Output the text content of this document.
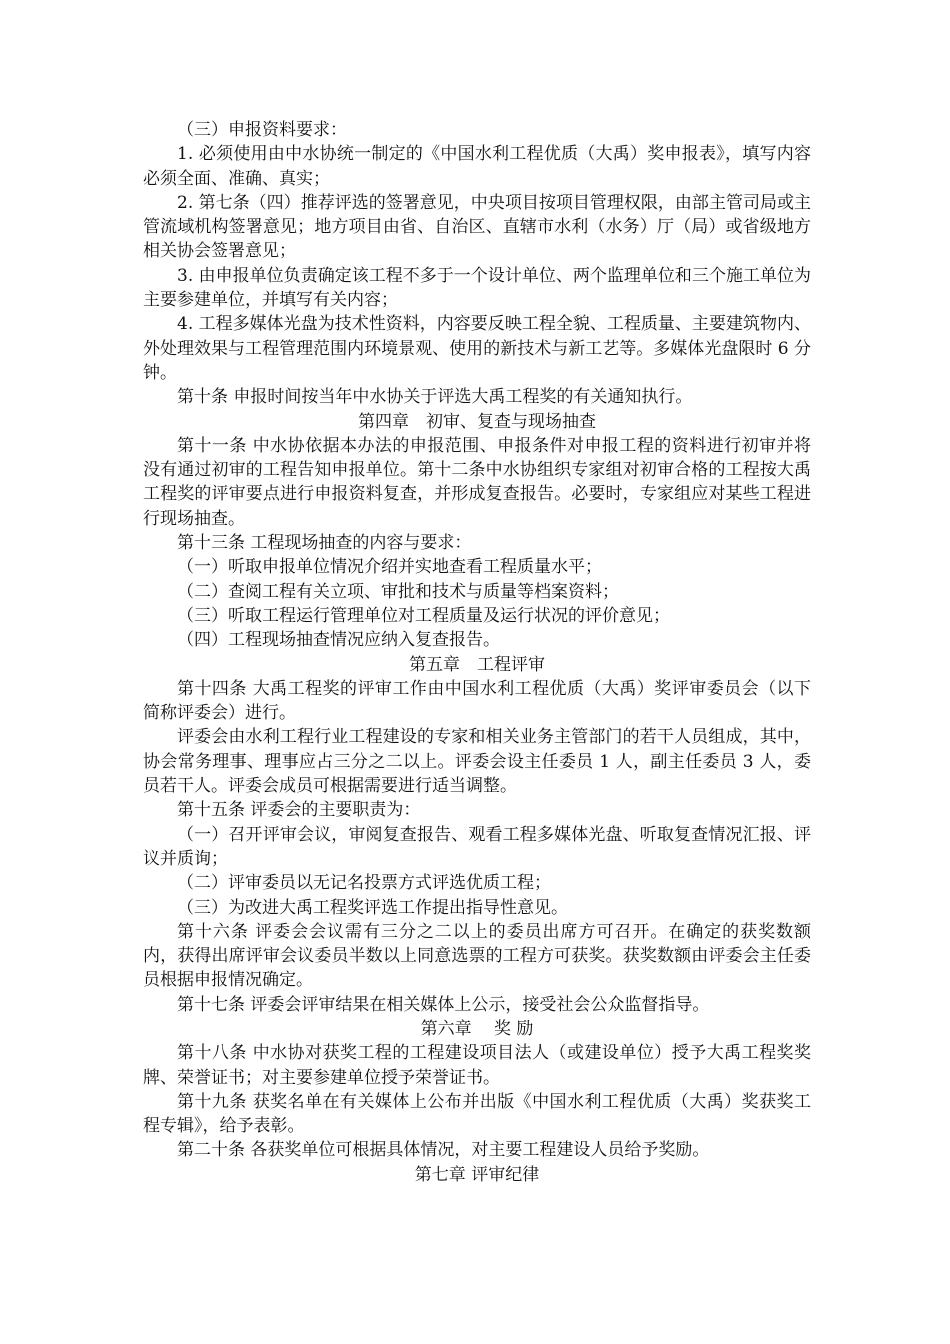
（三）申报资料要求：

1. 必须使用由中水协统一制定的《中国水利工程优质（大禹）奖申报表》，填写内容必须全面、准确、真实；

2. 第七条（四）推荐评选的签署意见，中央项目按项目管理权限，由部主管司局或主管流域机构签署意见；地方项目由省、自治区、直辖市水利（水务）厅（局）或省级地方相关协会签署意见；

3. 由申报单位负责确定该工程不多于一个设计单位、两个监理单位和三个施工单位为主要参建单位，并填写有关内容；

4. 工程多媒体光盘为技术性资料，内容要反映工程全貌、工程质量、主要建筑物内、外处理效果与工程管理范围内环境景观、使用的新技术与新工艺等。多媒体光盘限时 6 分钟。

第十条 申报时间按当年中水协关于评选大禹工程奖的有关通知执行。

第四章　初审、复查与现场抽查

第十一条 中水协依据本办法的申报范围、申报条件对申报工程的资料进行初审并将没有通过初审的工程告知申报单位。第十二条中水协组织专家组对初审合格的工程按大禹工程奖的评审要点进行申报资料复查，并形成复查报告。必要时，专家组应对某些工程进行现场抽查。

第十三条 工程现场抽查的内容与要求：

（一）听取申报单位情况介绍并实地查看工程质量水平；

（二）查阅工程有关立项、审批和技术与质量等档案资料；

（三）听取工程运行管理单位对工程质量及运行状况的评价意见；

（四）工程现场抽查情况应纳入复查报告。

第五章　工程评审

第十四条 大禹工程奖的评审工作由中国水利工程优质（大禹）奖评审委员会（以下简称评委会）进行。

评委会由水利工程行业工程建设的专家和相关业务主管部门的若干人员组成，其中，协会常务理事、理事应占三分之二以上。评委会设主任委员 1 人，副主任委员 3 人，委员若干人。评委会成员可根据需要进行适当调整。

第十五条 评委会的主要职责为：

（一）召开评审会议，审阅复查报告、观看工程多媒体光盘、听取复查情况汇报、评议并质询；

（二）评审委员以无记名投票方式评选优质工程；

（三）为改进大禹工程奖评选工作提出指导性意见。

第十六条 评委会会议需有三分之二以上的委员出席方可召开。在确定的获奖数额内，获得出席评审会议委员半数以上同意选票的工程方可获奖。获奖数额由评委会主任委员根据申报情况确定。

第十七条 评委会评审结果在相关媒体上公示，接受社会公众监督指导。

第六章　 奖 励

第十八条 中水协对获奖工程的工程建设项目法人（或建设单位）授予大禹工程奖奖牌、荣誉证书；对主要参建单位授予荣誉证书。

第十九条 获奖名单在有关媒体上公布并出版《中国水利工程优质（大禹）奖获奖工程专辑》，给予表彰。

第二十条 各获奖单位可根据具体情况，对主要工程建设人员给予奖励。

第七章 评审纪律
